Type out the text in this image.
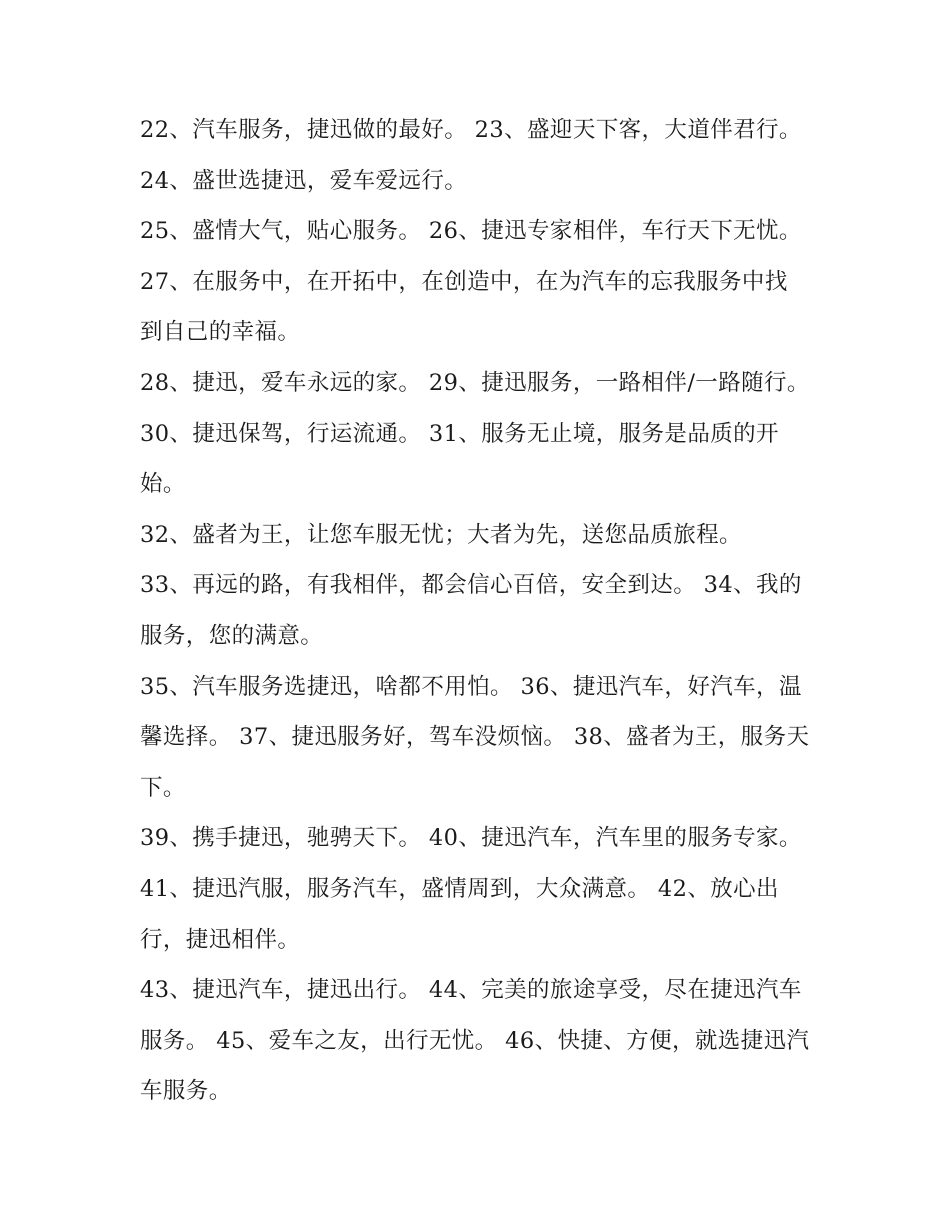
22、汽车服务，捷迅做的最好。 23、盛迎天下客，大道伴君行。 24、盛世选捷迅，爱车爱远行。

25、盛情大气，贴心服务。 26、捷迅专家相伴，车行天下无忧。 27、在服务中，在开拓中，在创造中，在为汽车的忘我服务中找到自己的幸福。

28、捷迅，爱车永远的家。 29、捷迅服务，一路相伴/一路随行。 30、捷迅保驾，行运流通。 31、服务无止境，服务是品质的开始。

32、盛者为王，让您车服无忧；大者为先，送您品质旅程。

33、再远的路，有我相伴，都会信心百倍，安全到达。 34、我的服务，您的满意。

35、汽车服务选捷迅，啥都不用怕。 36、捷迅汽车，好汽车，温馨选择。 37、捷迅服务好，驾车没烦恼。 38、盛者为王，服务天下。

39、携手捷迅，驰骋天下。 40、捷迅汽车，汽车里的服务专家。 41、捷迅汽服，服务汽车，盛情周到，大众满意。 42、放心出行，捷迅相伴。

43、捷迅汽车，捷迅出行。 44、完美的旅途享受，尽在捷迅汽车服务。 45、爱车之友，出行无忧。 46、快捷、方便，就选捷迅汽车服务。
